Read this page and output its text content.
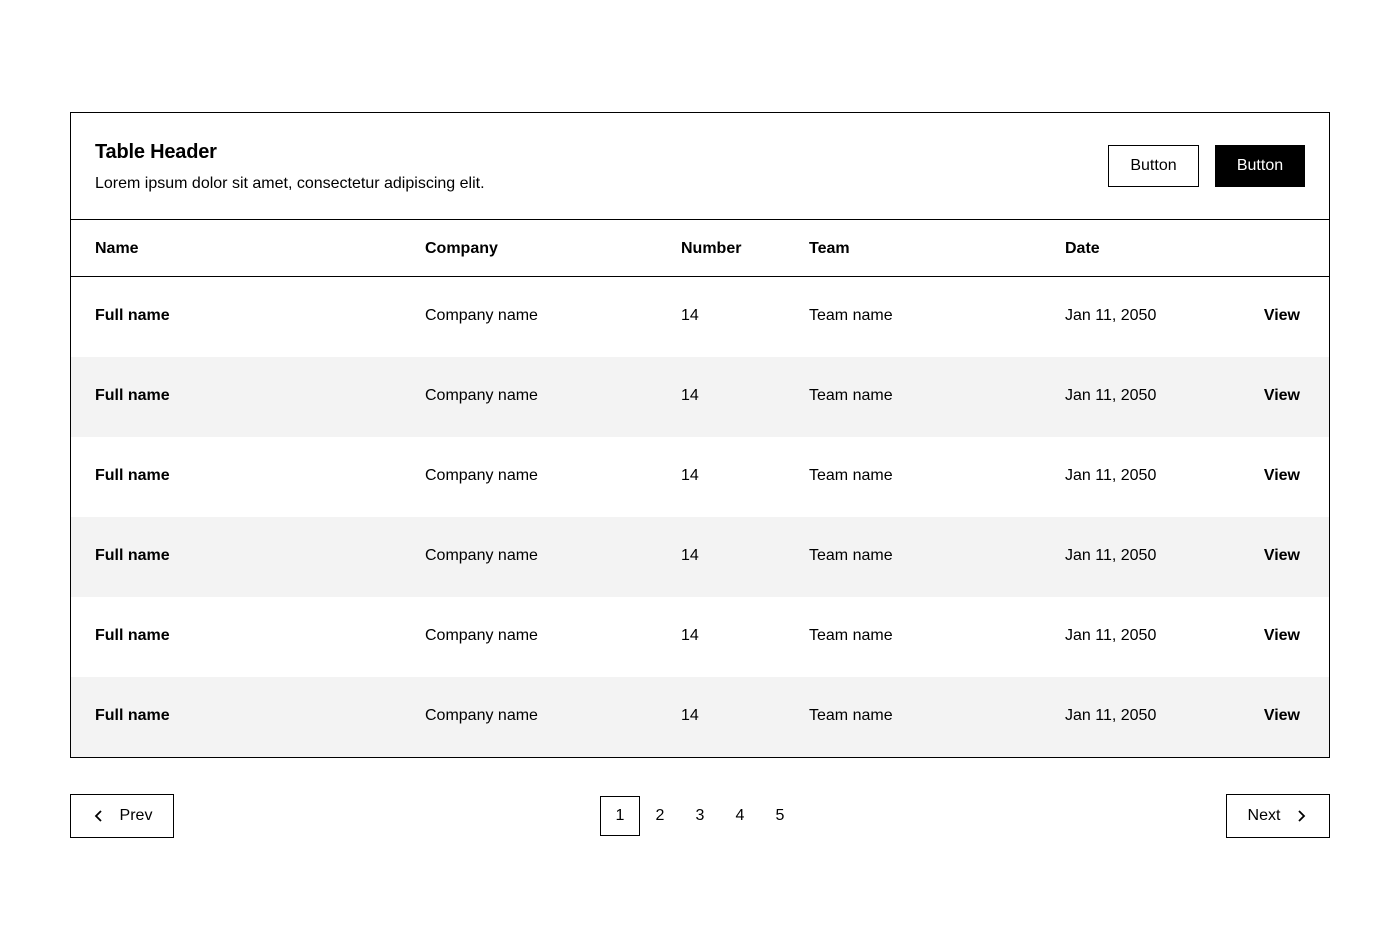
Table Header
Lorem ipsum dolor sit amet, consectetur adipiscing elit.
Button	Button
Name	Company	Number	Team	Date
Full name	Company name	14	Team name	Jan 11, 2050	View
Full name	Company name	14	Team name	Jan 11, 2050	View
Full name	Company name	14	Team name	Jan 11, 2050	View
Full name	Company name	14	Team name	Jan 11, 2050	View
Full name	Company name	14	Team name	Jan 11, 2050	View
Full name	Company name	14	Team name	Jan 11, 2050	View
Prev	1	2	3	4	5	Next
